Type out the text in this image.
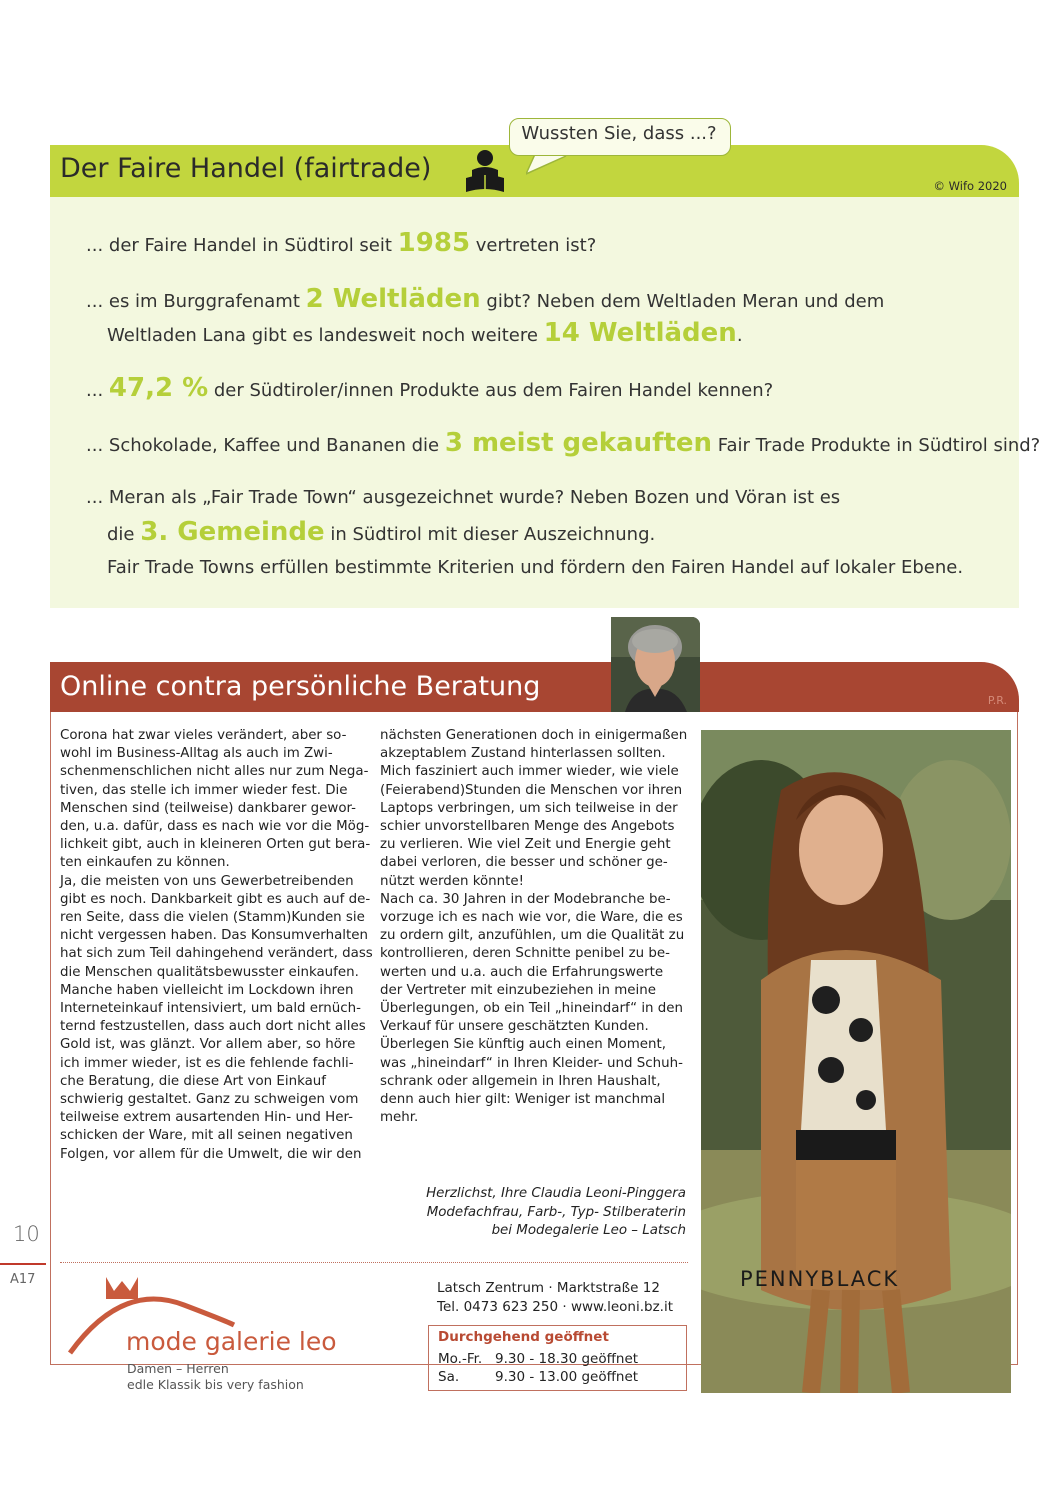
Der Faire Handel (fairtrade)
© Wifo 2020
Wussten Sie, dass ...?
... der Faire Handel in Südtirol seit 1985 vertreten ist?
... es im Burggrafenamt 2 Weltläden gibt? Neben dem Weltladen Meran und dem
Weltladen Lana gibt es landesweit noch weitere 14 Weltläden.
... 47,2 % der Südtiroler/innen Produkte aus dem Fairen Handel kennen?
... Schokolade, Kaffee und Bananen die 3 meist gekauften Fair Trade Produkte in Südtirol sind?
... Meran als „Fair Trade Town“ ausgezeichnet wurde? Neben Bozen und Vöran ist es
die 3. Gemeinde in Südtirol mit dieser Auszeichnung.
Fair Trade Towns erfüllen bestimmte Kriterien und fördern den Fairen Handel auf lokaler Ebene.
Online contra persönliche Beratung	P.R.
Corona hat zwar vieles verändert, aber so-
wohl im Business-Alltag als auch im Zwi-
schenmenschlichen nicht alles nur zum Nega-
tiven, das stelle ich immer wieder fest. Die
Menschen sind (teilweise) dankbarer gewor-
den, u.a. dafür, dass es nach wie vor die Mög-
lichkeit gibt, auch in kleineren Orten gut bera-
ten einkaufen zu können.
Ja, die meisten von uns Gewerbetreibenden
gibt es noch. Dankbarkeit gibt es auch auf de-
ren Seite, dass die vielen (Stamm)Kunden sie
nicht vergessen haben. Das Konsumverhalten
hat sich zum Teil dahingehend verändert, dass
die Menschen qualitätsbewusster einkaufen.
Manche haben vielleicht im Lockdown ihren
Interneteinkauf intensiviert, um bald ernüch-
ternd festzustellen, dass auch dort nicht alles
Gold ist, was glänzt. Vor allem aber, so höre
ich immer wieder, ist es die fehlende fachli-
che Beratung, die diese Art von Einkauf
schwierig gestaltet. Ganz zu schweigen vom
teilweise extrem ausartenden Hin- und Her-
schicken der Ware, mit all seinen negativen
Folgen, vor allem für die Umwelt, die wir den
nächsten Generationen doch in einigermaßen
akzeptablem Zustand hinterlassen sollten.
Mich fasziniert auch immer wieder, wie viele
(Feierabend)Stunden die Menschen vor ihren
Laptops verbringen, um sich teilweise in der
schier unvorstellbaren Menge des Angebots
zu verlieren. Wie viel Zeit und Energie geht
dabei verloren, die besser und schöner ge-
nützt werden könnte!
Nach ca. 30 Jahren in der Modebranche be-
vorzuge ich es nach wie vor, die Ware, die es
zu ordern gilt, anzufühlen, um die Qualität zu
kontrollieren, deren Schnitte penibel zu be-
werten und u.a. auch die Erfahrungswerte
der Vertreter mit einzubeziehen in meine
Überlegungen, ob ein Teil „hineindarf“ in den
Verkauf für unsere geschätzten Kunden.
Überlegen Sie künftig auch einen Moment,
was „hineindarf“ in Ihren Kleider- und Schuh-
schrank oder allgemein in Ihren Haushalt,
denn auch hier gilt: Weniger ist manchmal
mehr.
Herzlichst, Ihre Claudia Leoni-Pinggera
Modefachfrau, Farb-, Typ- Stilberaterin
bei Modegalerie Leo – Latsch
PENNYBLACK
10
A17
mode galerie leo
Damen – Herren
edle Klassik bis very fashion
Latsch Zentrum · Marktstraße 12
Tel. 0473 623 250 · www.leoni.bz.it
Durchgehend geöffnet
Mo.-Fr. 9.30 - 18.30 geöffnet
Sa.	9.30 - 13.00 geöffnet
